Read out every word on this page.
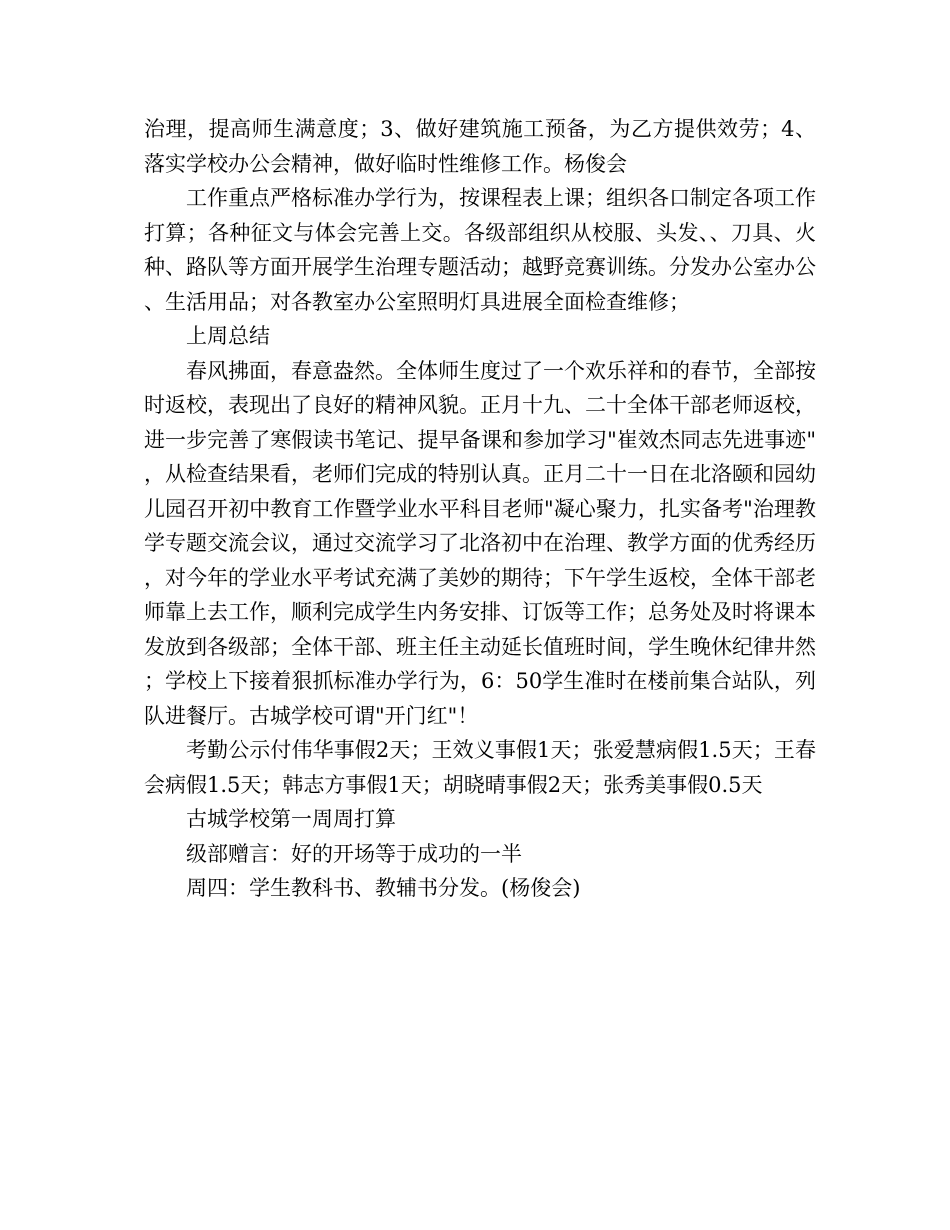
治理，提高师生满意度；3、做好建筑施工预备，为乙方提供效劳；4、落实学校办公会精神，做好临时性维修工作。杨俊会

工作重点严格标准办学行为，按课程表上课；组织各口制定各项工作打算；各种征文与体会完善上交。各级部组织从校服、头发、、刀具、火种、路队等方面开展学生治理专题活动；越野竞赛训练。分发办公室办公、生活用品；对各教室办公室照明灯具进展全面检查维修；

上周总结

春风拂面，春意盎然。全体师生度过了一个欢乐祥和的春节，全部按时返校，表现出了良好的精神风貌。正月十九、二十全体干部老师返校，进一步完善了寒假读书笔记、提早备课和参加学习"崔效杰同志先进事迹"，从检查结果看，老师们完成的特别认真。正月二十一日在北洛颐和园幼儿园召开初中教育工作暨学业水平科目老师"凝心聚力，扎实备考"治理教学专题交流会议，通过交流学习了北洛初中在治理、教学方面的优秀经历，对今年的学业水平考试充满了美妙的期待；下午学生返校，全体干部老师靠上去工作，顺利完成学生内务安排、订饭等工作；总务处及时将课本发放到各级部；全体干部、班主任主动延长值班时间，学生晚休纪律井然；学校上下接着狠抓标准办学行为，6：50学生准时在楼前集合站队，列队进餐厅。古城学校可谓"开门红"！

考勤公示付伟华事假2天；王效义事假1天；张爱慧病假1.5天；王春会病假1.5天；韩志方事假1天；胡晓晴事假2天；张秀美事假0.5天

古城学校第一周周打算

级部赠言：好的开场等于成功的一半

周四：学生教科书、教辅书分发。(杨俊会)
